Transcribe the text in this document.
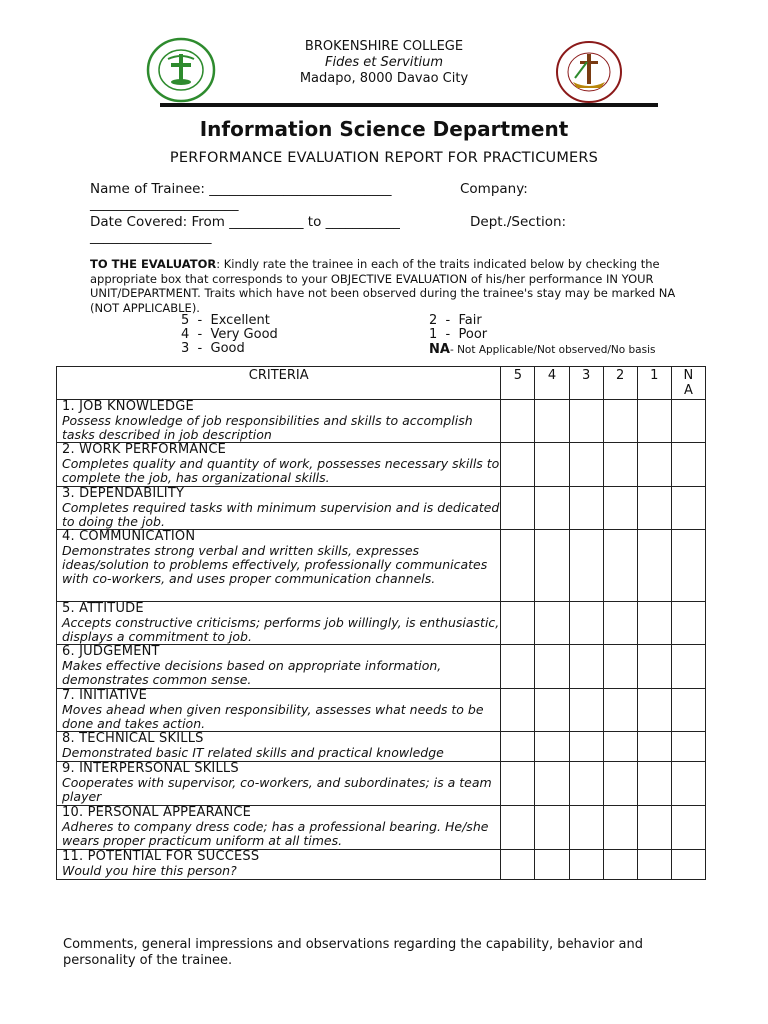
BROKENSHIRE COLLEGE
Fides et Servitium
Madapo, 8000 Davao City
Information Science Department
PERFORMANCE EVALUATION REPORT FOR PRACTICUMERS
Name of Trainee: ___________________________	Company:
______________________
Date Covered: From ___________ to ___________	Dept./Section:
__________________
TO THE EVALUATOR: Kindly rate the trainee in each of the traits indicated below by checking the appropriate box that corresponds to your OBJECTIVE EVALUATION of his/her performance IN YOUR UNIT/DEPARTMENT. Traits which have not been observed during the trainee's stay may be marked NA (NOT APPLICABLE).
5  -  Excellent
4  -  Very Good
3  -  Good
2  -  Fair
1  -  Poor
NA- Not Applicable/Not observed/No basis
CRITERIA	5	4	3	2	1	N
A

1. JOB KNOWLEDGE
Possess knowledge of job responsibilities and skills to accomplish tasks described in job description						

2. WORK PERFORMANCE
Completes quality and quantity of work, possesses necessary skills to complete the job, has organizational skills.						

3. DEPENDABILITY
Completes required tasks with minimum supervision and is dedicated to doing the job.						

4. COMMUNICATION
Demonstrates strong verbal and written skills, expresses ideas/solution to problems effectively, professionally communicates with co-workers, and uses proper communication channels.						

5. ATTITUDE
Accepts constructive criticisms; performs job willingly, is enthusiastic, displays a commitment to job.						

6. JUDGEMENT
Makes effective decisions based on appropriate information, demonstrates common sense.						

7. INITIATIVE
Moves ahead when given responsibility, assesses what needs to be done and takes action.						

8. TECHNICAL SKILLS
Demonstrated basic IT related skills and practical knowledge						

9. INTERPERSONAL SKILLS
Cooperates with supervisor, co-workers, and subordinates; is a team player						

10. PERSONAL APPEARANCE
Adheres to company dress code; has a professional bearing. He/she wears proper practicum uniform at all times.						

11. POTENTIAL FOR SUCCESS
Would you hire this person?						

Comments, general impressions and observations regarding the capability, behavior and personality of the trainee.
